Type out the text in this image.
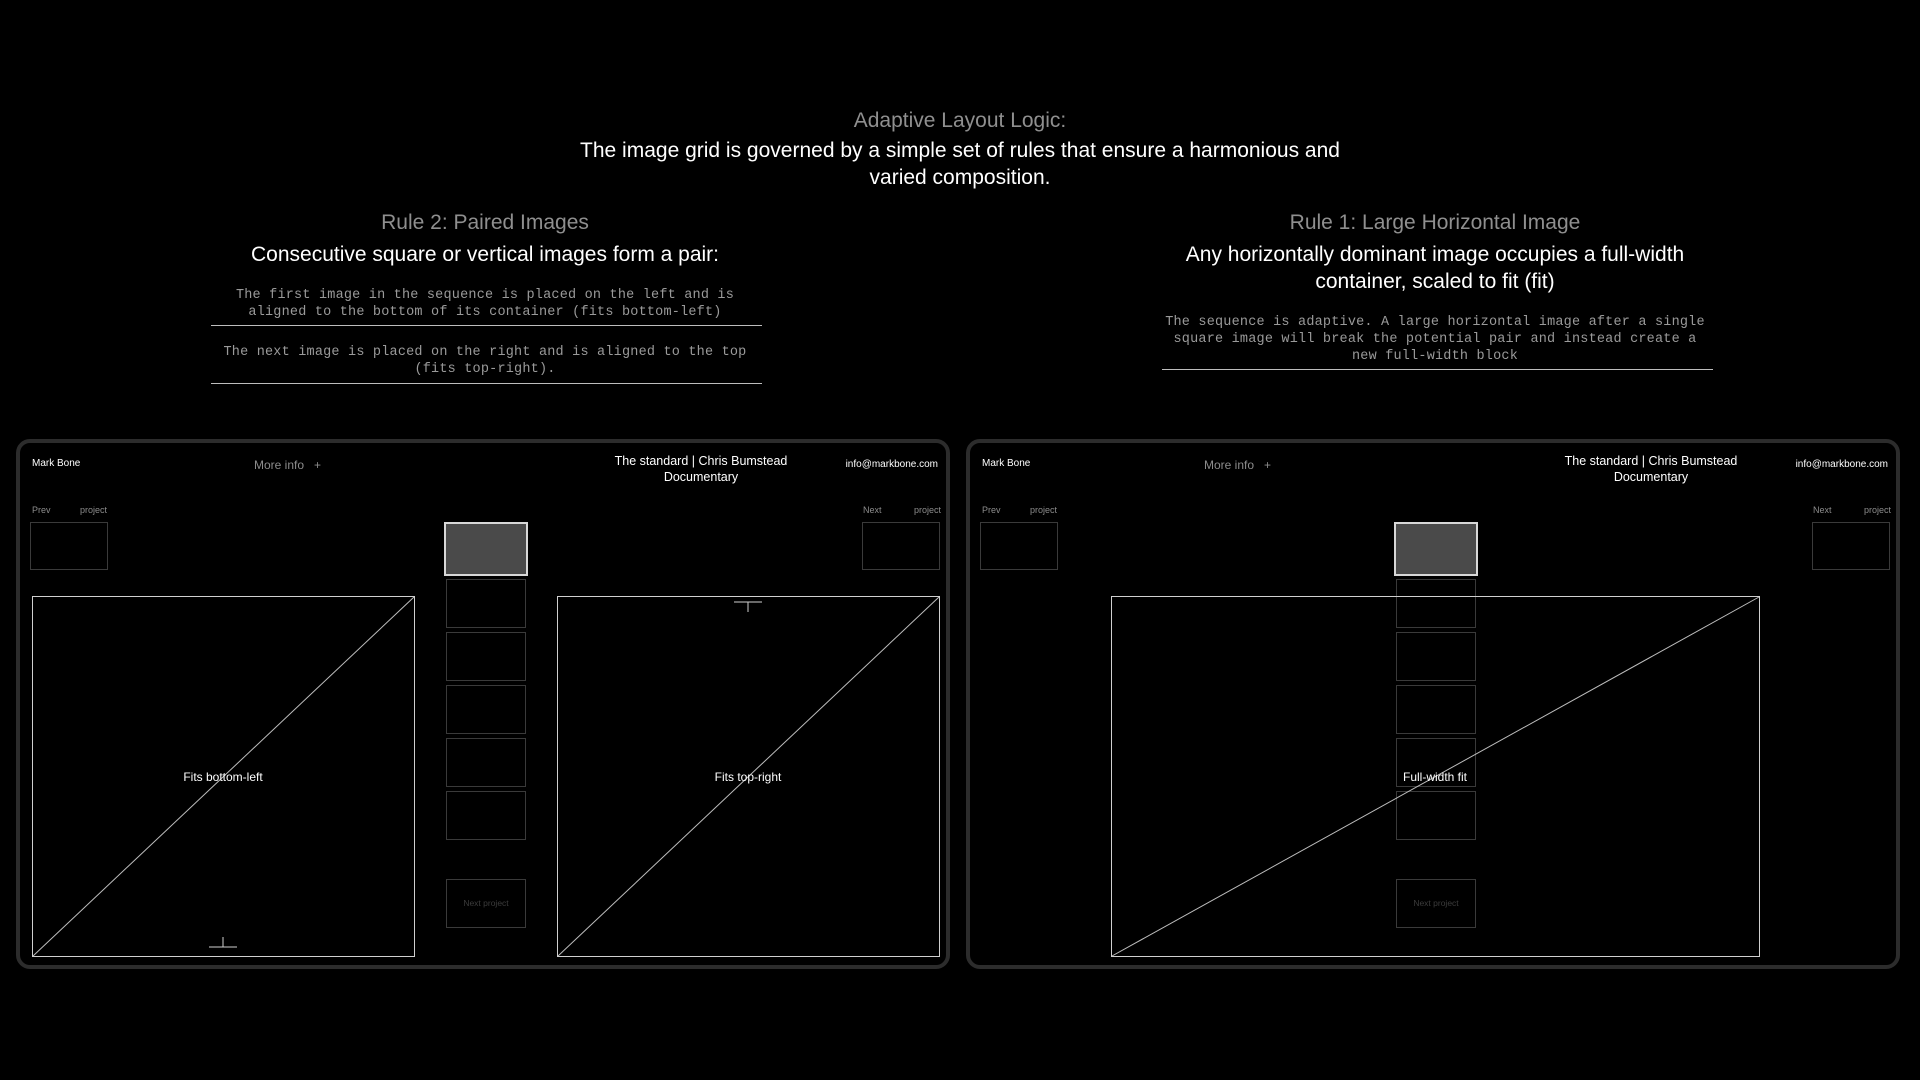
Adaptive Layout Logic:
The image grid is governed by a simple set of rules that ensure a harmonious and varied composition.
Rule 2: Paired Images
Consecutive square or vertical images form a pair:
The first image in the sequence is placed on the left and is aligned to the bottom of its container (fits bottom-left)
The next image is placed on the right and is aligned to the top (fits top-right).
Rule 1: Large Horizontal Image
Any horizontally dominant image occupies a full-width container, scaled to fit (fit)
The sequence is adaptive. A large horizontal image after a single square image will break the potential pair and instead create a new full-width block
Mark Bone	More info +	The standard | Chris Bumstead Documentary
info@markbone.com
Prev	project	Next	project
Next project
Fits bottom-left	Fits top-right
Mark Bone	More info +	The standard | Chris Bumstead Documentary
info@markbone.com
Prev	project	Next	project
Next project
Full-width fit
